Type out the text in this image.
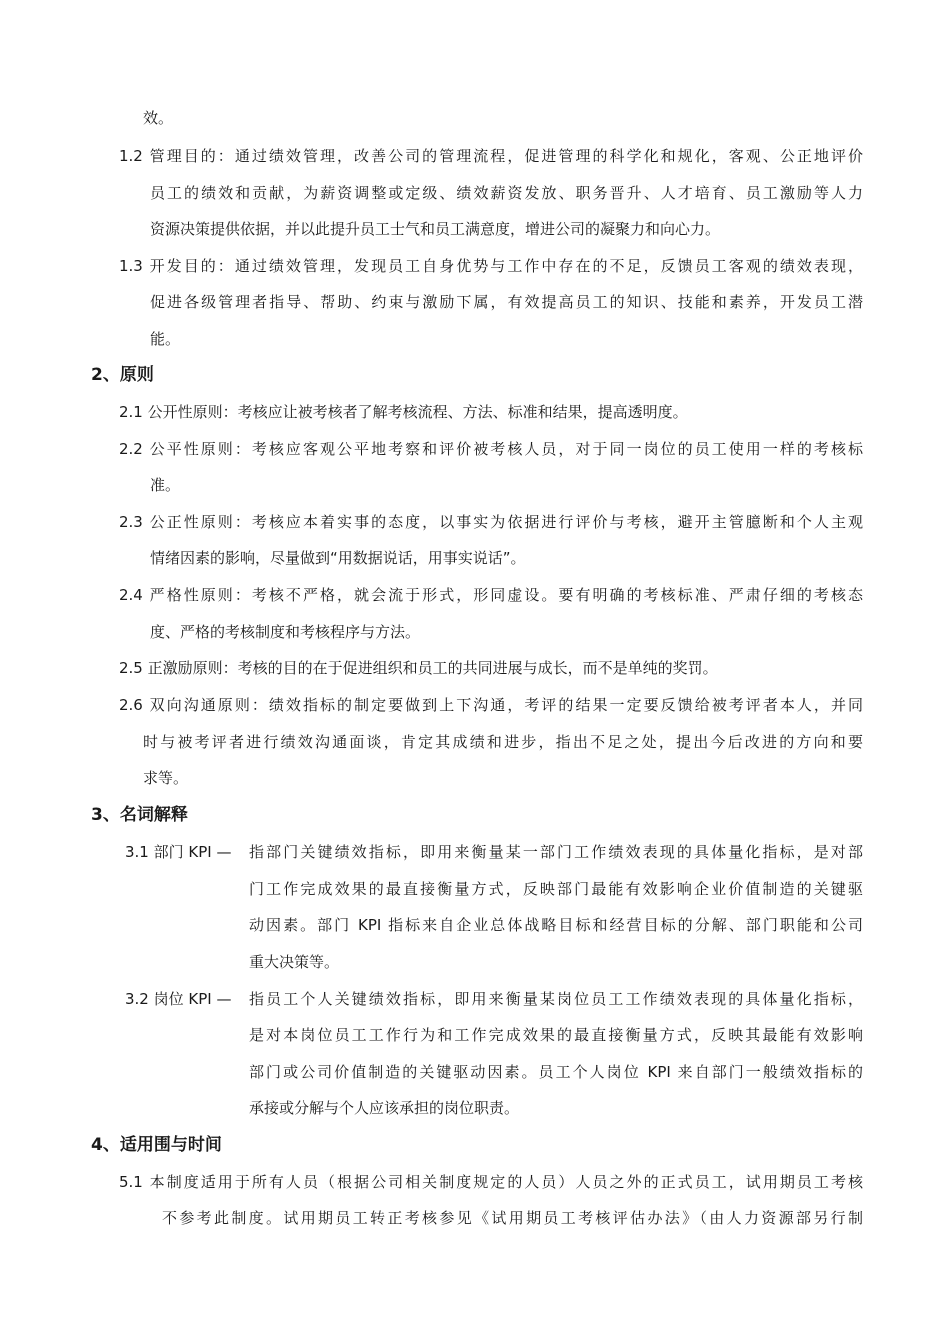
效。
1.2 管理目的：通过绩效管理，改善公司的管理流程，促进管理的科学化和规化，客观、公正地评价
员工的绩效和贡献，为薪资调整或定级、绩效薪资发放、职务晋升、人才培育、员工激励等人力
资源决策提供依据，并以此提升员工士气和员工满意度，增进公司的凝聚力和向心力。
1.3 开发目的：通过绩效管理，发现员工自身优势与工作中存在的不足，反馈员工客观的绩效表现，
促进各级管理者指导、帮助、约束与激励下属，有效提高员工的知识、技能和素养，开发员工潜
能。
2、原则
2.1 公开性原则：考核应让被考核者了解考核流程、方法、标准和结果，提高透明度。
2.2 公平性原则：考核应客观公平地考察和评价被考核人员，对于同一岗位的员工使用一样的考核标
准。
2.3 公正性原则：考核应本着实事的态度，以事实为依据进行评价与考核，避开主管臆断和个人主观
情绪因素的影响，尽量做到“用数据说话，用事实说话”。
2.4 严格性原则：考核不严格，就会流于形式，形同虚设。要有明确的考核标准、严肃仔细的考核态
度、严格的考核制度和考核程序与方法。
2.5 正激励原则：考核的目的在于促进组织和员工的共同进展与成长，而不是单纯的奖罚。
2.6 双向沟通原则：绩效指标的制定要做到上下沟通，考评的结果一定要反馈给被考评者本人，并同
时与被考评者进行绩效沟通面谈，肯定其成绩和进步，指出不足之处，提出今后改进的方向和要
求等。
3、名词解释
3.1 部门 KPI — 指部门关键绩效指标，即用来衡量某一部门工作绩效表现的具体量化指标，是对部
门工作完成效果的最直接衡量方式，反映部门最能有效影响企业价值制造的关键驱
动因素。部门 KPI 指标来自企业总体战略目标和经营目标的分解、部门职能和公司
重大决策等。
3.2 岗位 KPI — 指员工个人关键绩效指标，即用来衡量某岗位员工工作绩效表现的具体量化指标，
是对本岗位员工工作行为和工作完成效果的最直接衡量方式，反映其最能有效影响
部门或公司价值制造的关键驱动因素。员工个人岗位 KPI 来自部门一般绩效指标的
承接或分解与个人应该承担的岗位职责。
4、适用围与时间
5.1 本制度适用于所有人员（根据公司相关制度规定的人员）人员之外的正式员工，试用期员工考核
不参考此制度。试用期员工转正考核参见《试用期员工考核评估办法》（由人力资源部另行制
